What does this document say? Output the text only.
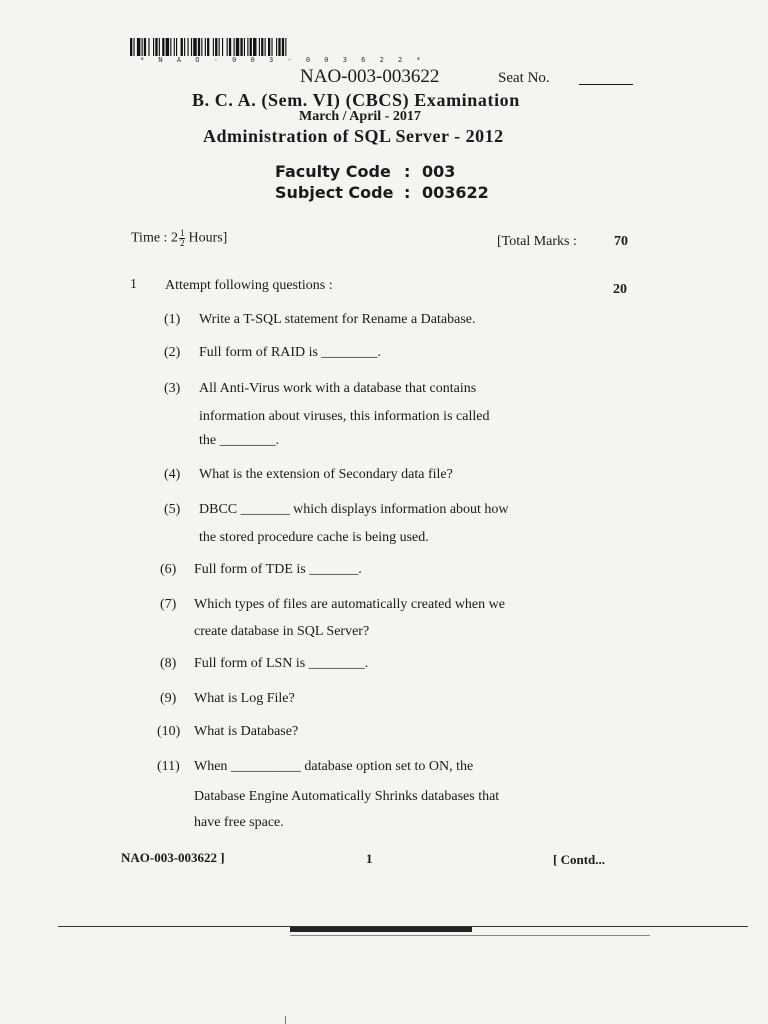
* N A O - 0 0 3 - 0 0 3 6 2 2 *
NAO-003-003622	Seat No.
B. C. A. (Sem. VI) (CBCS) Examination
March / April - 2017
Administration of SQL Server - 2012
Faculty Code : 003
Subject Code : 003622
Time : $2 \frac{1}{2}$ Hours]	[Total Marks :	70
1 Attempt following questions :	20
(1) Write a T-SQL statement for Rename a Database.
(2) Full form of RAID is ________.
(3) All Anti-Virus work with a database that contains
information about viruses, this information is called
the ________.
(4) What is the extension of Secondary data file?
(5) DBCC _______ which displays information about how
the stored procedure cache is being used.
(6) Full form of TDE is _______.
(7) Which types of files are automatically created when we
create database in SQL Server?
(8) Full form of LSN is ________.
(9) What is Log File?
(10) What is Database?
(11) When __________ database option set to ON, the
Database Engine Automatically Shrinks databases that
have free space.
NAO-003-003622 ]	1	[ Contd...
